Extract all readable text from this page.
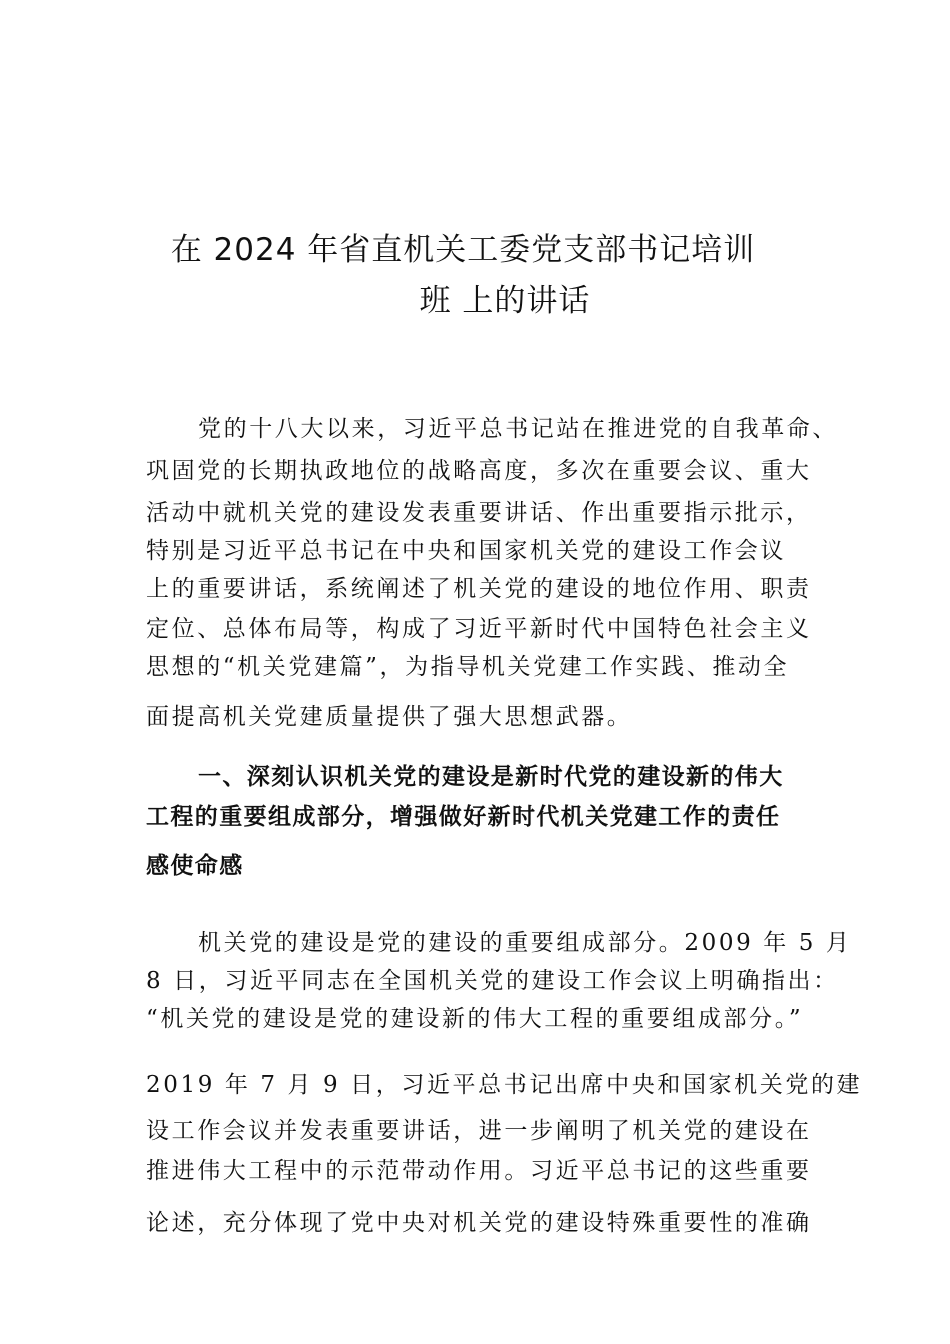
在 2024 年省直机关工委党支部书记培训
班 上的讲话
党的十八大以来，习近平总书记站在推进党的自我革命、
巩固党的长期执政地位的战略高度，多次在重要会议、重大
活动中就机关党的建设发表重要讲话、作出重要指示批示，
特别是习近平总书记在中央和国家机关党的建设工作会议
上的重要讲话，系统阐述了机关党的建设的地位作用、职责
定位、总体布局等，构成了习近平新时代中国特色社会主义
思想的“机关党建篇”，为指导机关党建工作实践、推动全
面提高机关党建质量提供了强大思想武器。
一、深刻认识机关党的建设是新时代党的建设新的伟大
工程的重要组成部分，增强做好新时代机关党建工作的责任
感使命感
机关党的建设是党的建设的重要组成部分。2009 年 5 月
8 日，习近平同志在全国机关党的建设工作会议上明确指出：
“机关党的建设是党的建设新的伟大工程的重要组成部分。”
2019 年 7 月 9 日，习近平总书记出席中央和国家机关党的建
设工作会议并发表重要讲话，进一步阐明了机关党的建设在
推进伟大工程中的示范带动作用。习近平总书记的这些重要
论述，充分体现了党中央对机关党的建设特殊重要性的准确
